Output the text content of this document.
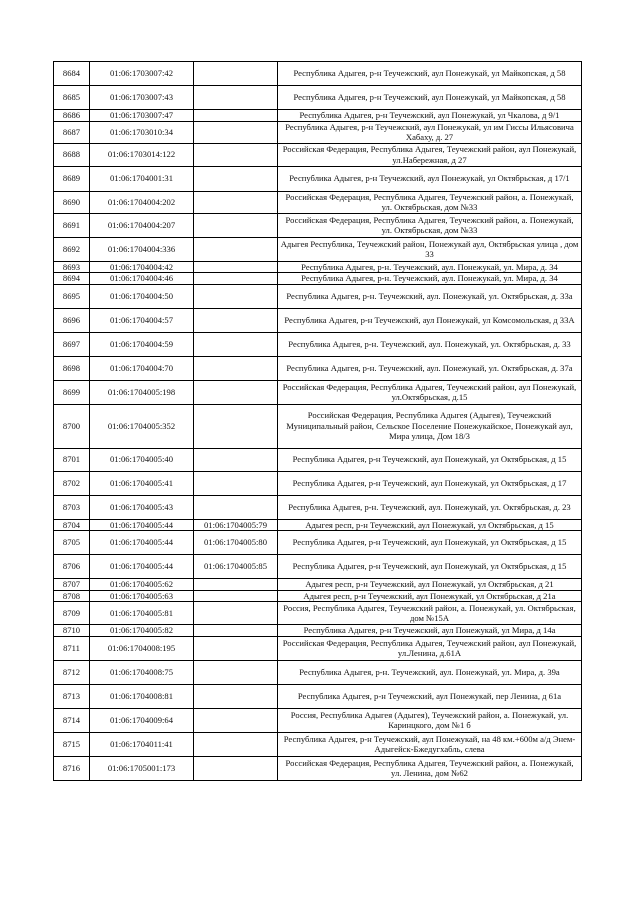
8684	01:06:1703007:42		Республика Адыгея, р-н Теучежский, аул Понежукай, ул Майкопская, д 58
8685	01:06:1703007:43		Республика Адыгея, р-н Теучежский, аул Понежукай, ул Майкопская, д 58
8686	01:06:1703007:47		Республика Адыгея, р-н Теучежский, аул Понежукай, ул Чкалова, д 9/1
8687	01:06:1703010:34		Республика Адыгея, р-н Теучежский, аул Понежукай, ул им Гиссы Ильясовича Хабаху, д. 27
8688	01:06:1703014:122		Российская Федерация, Республика Адыгея, Теучежский район, аул Понежукай, ул.Набережная, д 27
8689	01:06:1704001:31		Республика Адыгея, р-н Теучежский, аул Понежукай, ул Октябрьская, д 17/1
8690	01:06:1704004:202		Российская Федерация, Республика Адыгея, Теучежский район, а. Понежукай, ул. Октябрьская, дом №33
8691	01:06:1704004:207		Российская Федерация, Республика Адыгея, Теучежский район, а. Понежукай, ул. Октябрьская, дом №33
8692	01:06:1704004:336		Адыгея Республика, Теучежский район, Понежукай аул, Октябрьская улица , дом 33
8693	01:06:1704004:42		Республика Адыгея, р-н. Теучежский, аул. Понежукай, ул. Мира, д. 34
8694	01:06:1704004:46		Республика Адыгея, р-н. Теучежский, аул. Понежукай, ул. Мира, д. 34
8695	01:06:1704004:50		Республика Адыгея, р-н. Теучежский, аул. Понежукай, ул. Октябрьская, д. 33а
8696	01:06:1704004:57		Республика Адыгея, р-н Теучежский, аул Понежукай, ул Комсомольская, д 33А
8697	01:06:1704004:59		Республика Адыгея, р-н. Теучежский, аул. Понежукай, ул. Октябрьская, д. 33
8698	01:06:1704004:70		Республика Адыгея, р-н. Теучежский, аул. Понежукай, ул. Октябрьская, д. 37а
8699	01:06:1704005:198		Российская Федерация, Республика Адыгея, Теучежский район, аул Понежукай, ул.Октябрьская, д.15
8700	01:06:1704005:352		Российская Федерация, Республика Адыгея (Адыгея), Теучежский Муниципальный район, Сельское Поселение Понежукайское, Понежукай аул, Мира улица, Дом 18/3
8701	01:06:1704005:40		Республика Адыгея, р-н Теучежский, аул Понежукай, ул Октябрьская, д 15
8702	01:06:1704005:41		Республика Адыгея, р-н Теучежский, аул Понежукай, ул Октябрьская, д 17
8703	01:06:1704005:43		Республика Адыгея, р-н. Теучежский, аул. Понежукай, ул. Октябрьская, д. 23
8704	01:06:1704005:44	01:06:1704005:79	Адыгея респ, р-н Теучежский, аул Понежукай, ул Октябрьская, д 15
8705	01:06:1704005:44	01:06:1704005:80	Республика Адыгея, р-н Теучежский, аул Понежукай, ул Октябрьская, д 15
8706	01:06:1704005:44	01:06:1704005:85	Республика Адыгея, р-н Теучежский, аул Понежукай, ул Октябрьская, д 15
8707	01:06:1704005:62		Адыгея респ, р-н Теучежский, аул Понежукай, ул Октябрьская, д 21
8708	01:06:1704005:63		Адыгея респ, р-н Теучежский, аул Понежукай, ул Октябрьская, д 21а
8709	01:06:1704005:81		Россия, Республика Адыгея, Теучежский район, а. Понежукай, ул. Октябрьская, дом №15А
8710	01:06:1704005:82		Республика Адыгея, р-н Теучежский, аул Понежукай, ул Мира, д 14а
8711	01:06:1704008:195		Российская Федерация, Республика Адыгея, Теучежский район, аул Понежукай, ул.Ленина, д.61А
8712	01:06:1704008:75		Республика Адыгея, р-н. Теучежский, аул. Понежукай, ул. Мира, д. 39а
8713	01:06:1704008:81		Республика Адыгея, р-н Теучежский, аул Понежукай, пер Ленина, д 61а
8714	01:06:1704009:64		Россия, Республика Адыгея (Адыгея), Теучежский район, а. Понежукай, ул. Каринцкого, дом №1 б
8715	01:06:1704011:41		Республика Адыгея, р-н Теучежский, аул Понежукай, на 48 км.+600м а/д Энем-Адыгейск-Бжедугхабль, слева
8716	01:06:1705001:173		Российская Федерация, Республика Адыгея, Теучежский район, а. Понежукай, ул. Ленина, дом №62
